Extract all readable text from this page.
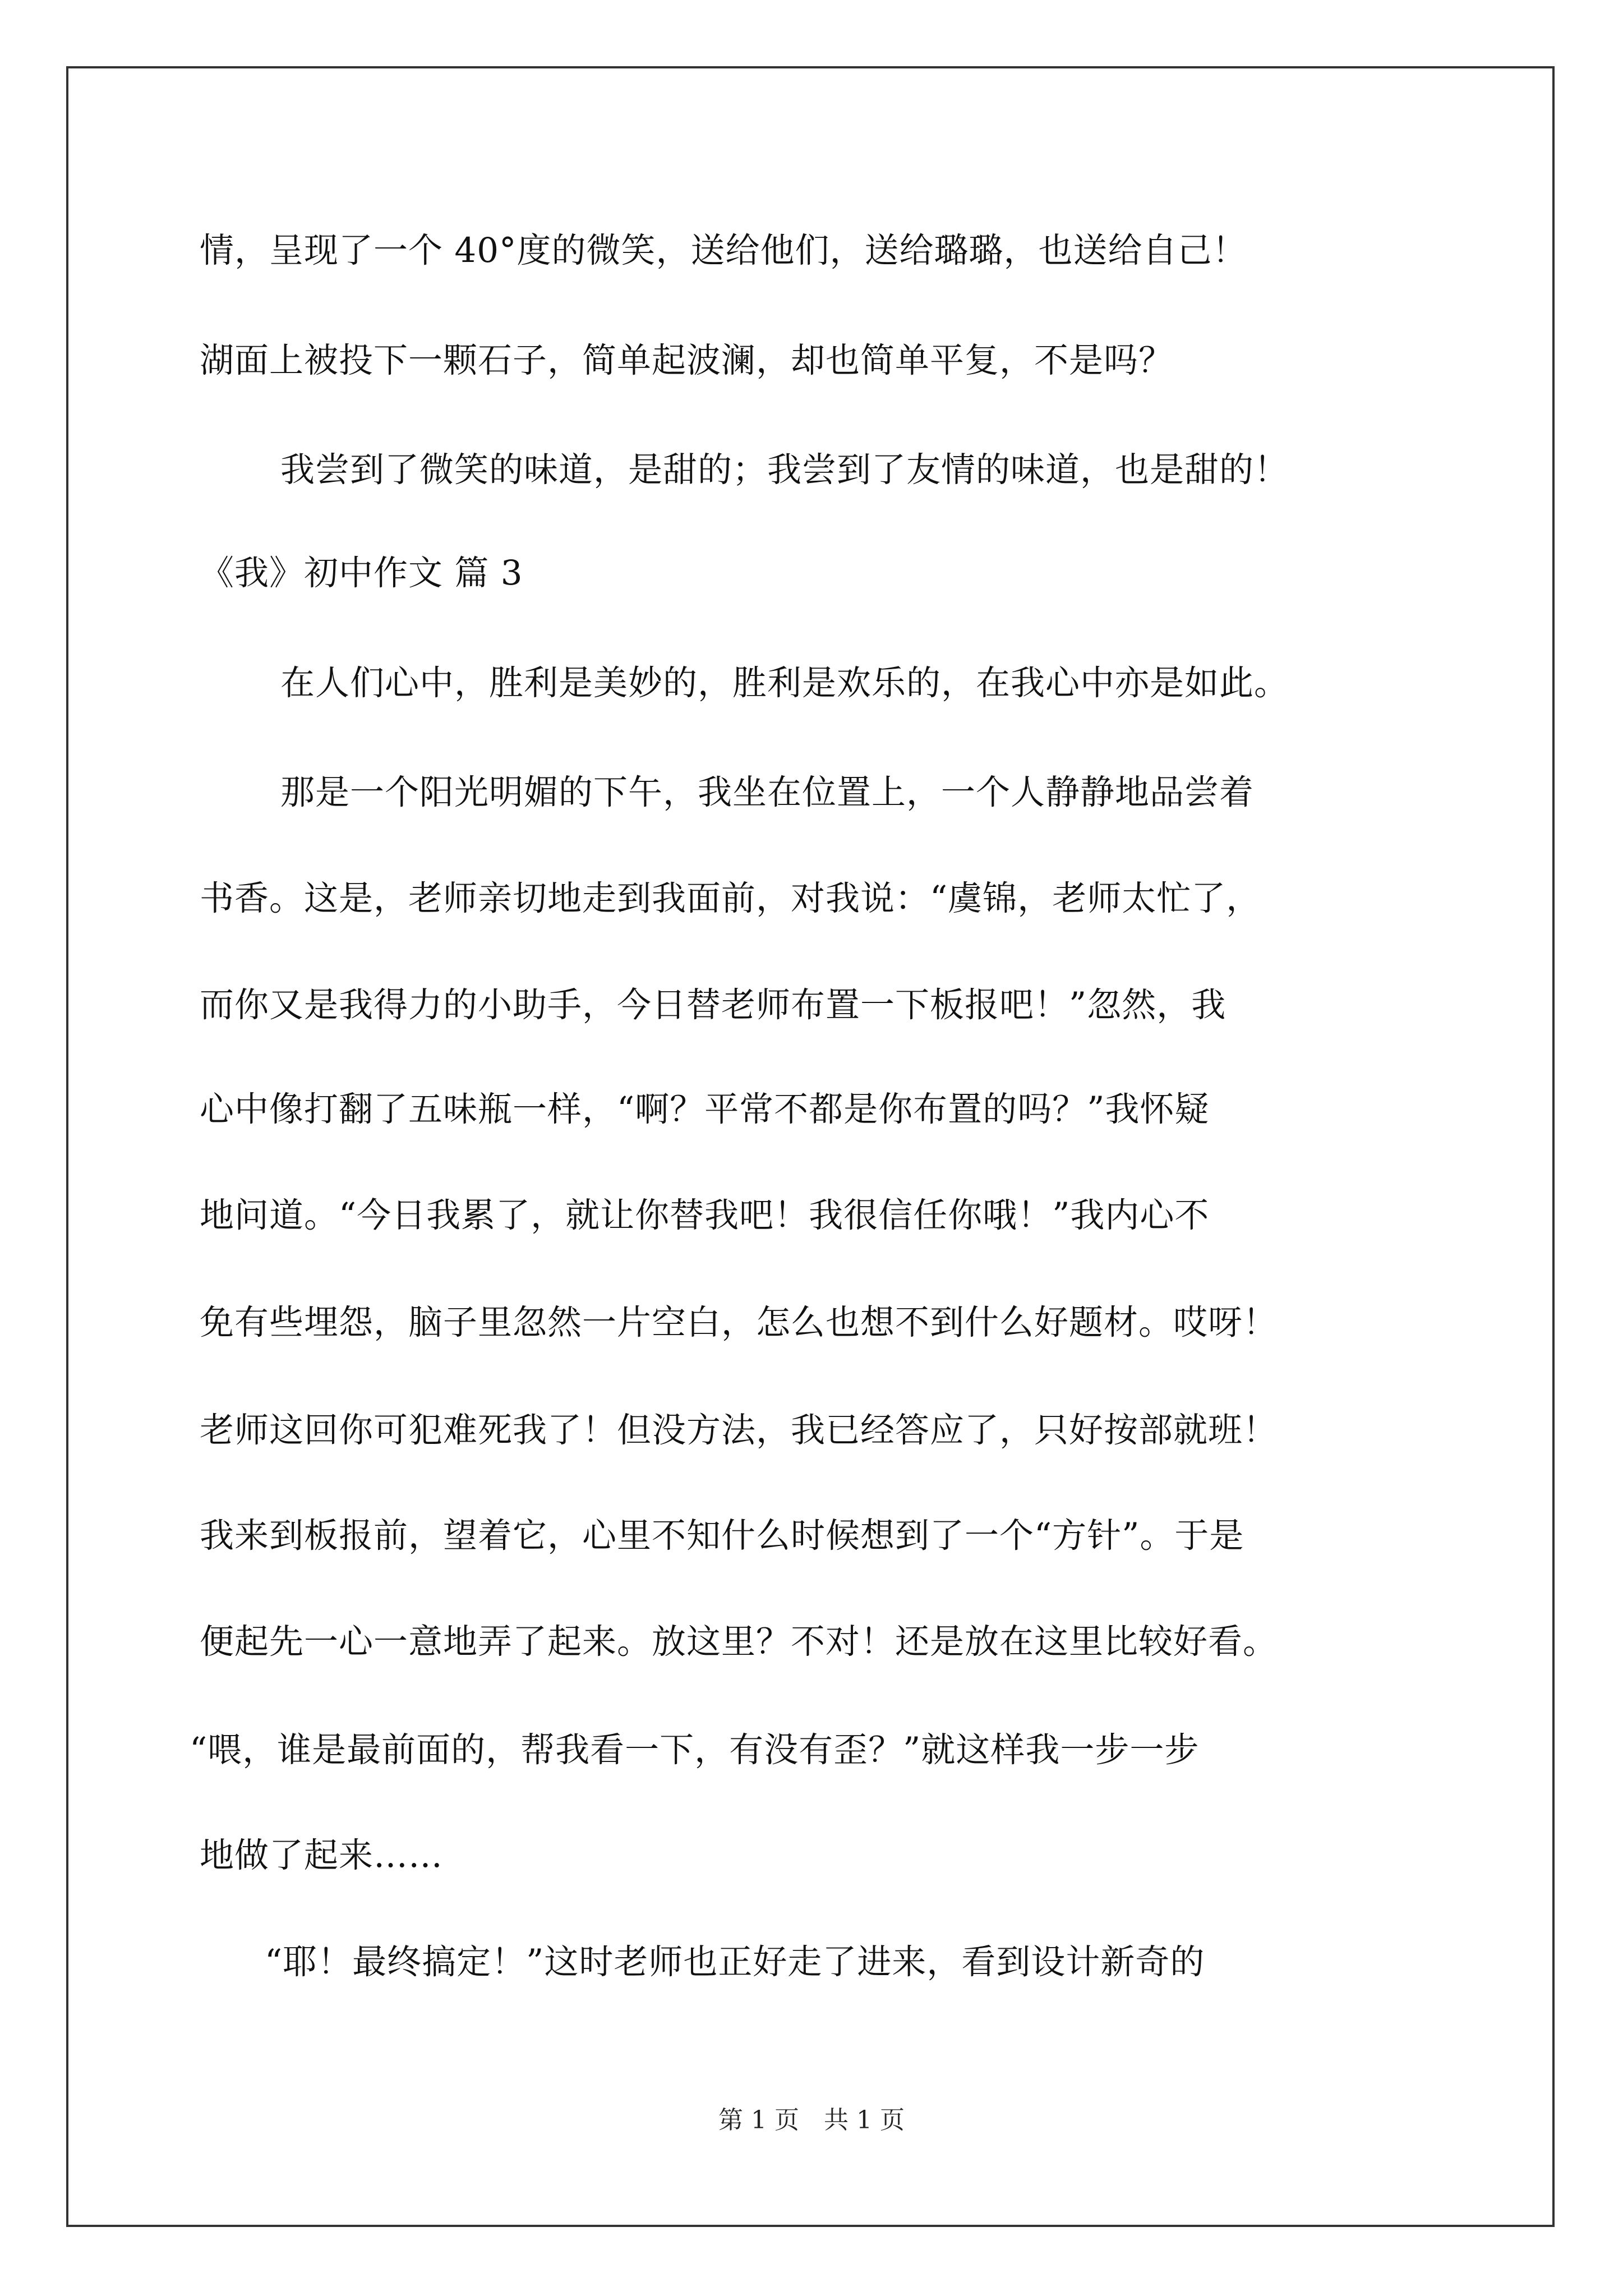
情，呈现了一个 40°度的微笑，送给他们，送给璐璐，也送给自己！
湖面上被投下一颗石子，简单起波澜，却也简单平复，不是吗？
我尝到了微笑的味道，是甜的；我尝到了友情的味道，也是甜的！
《我》初中作文 篇 3
在人们心中，胜利是美妙的，胜利是欢乐的，在我心中亦是如此。
那是一个阳光明媚的下午，我坐在位置上，一个人静静地品尝着
书香。这是，老师亲切地走到我面前，对我说：“虞锦，老师太忙了，
而你又是我得力的小助手，今日替老师布置一下板报吧！”忽然，我
心中像打翻了五味瓶一样，“啊？平常不都是你布置的吗？”我怀疑
地问道。“今日我累了，就让你替我吧！我很信任你哦！”我内心不
免有些埋怨，脑子里忽然一片空白，怎么也想不到什么好题材。哎呀！
老师这回你可犯难死我了！但没方法，我已经答应了，只好按部就班！
我来到板报前，望着它，心里不知什么时候想到了一个“方针”。于是
便起先一心一意地弄了起来。放这里？不对！还是放在这里比较好看。
“喂，谁是最前面的，帮我看一下，有没有歪？”就这样我一步一步
地做了起来……
“耶！最终搞定！”这时老师也正好走了进来，看到设计新奇的
第 1 页　共 1 页
